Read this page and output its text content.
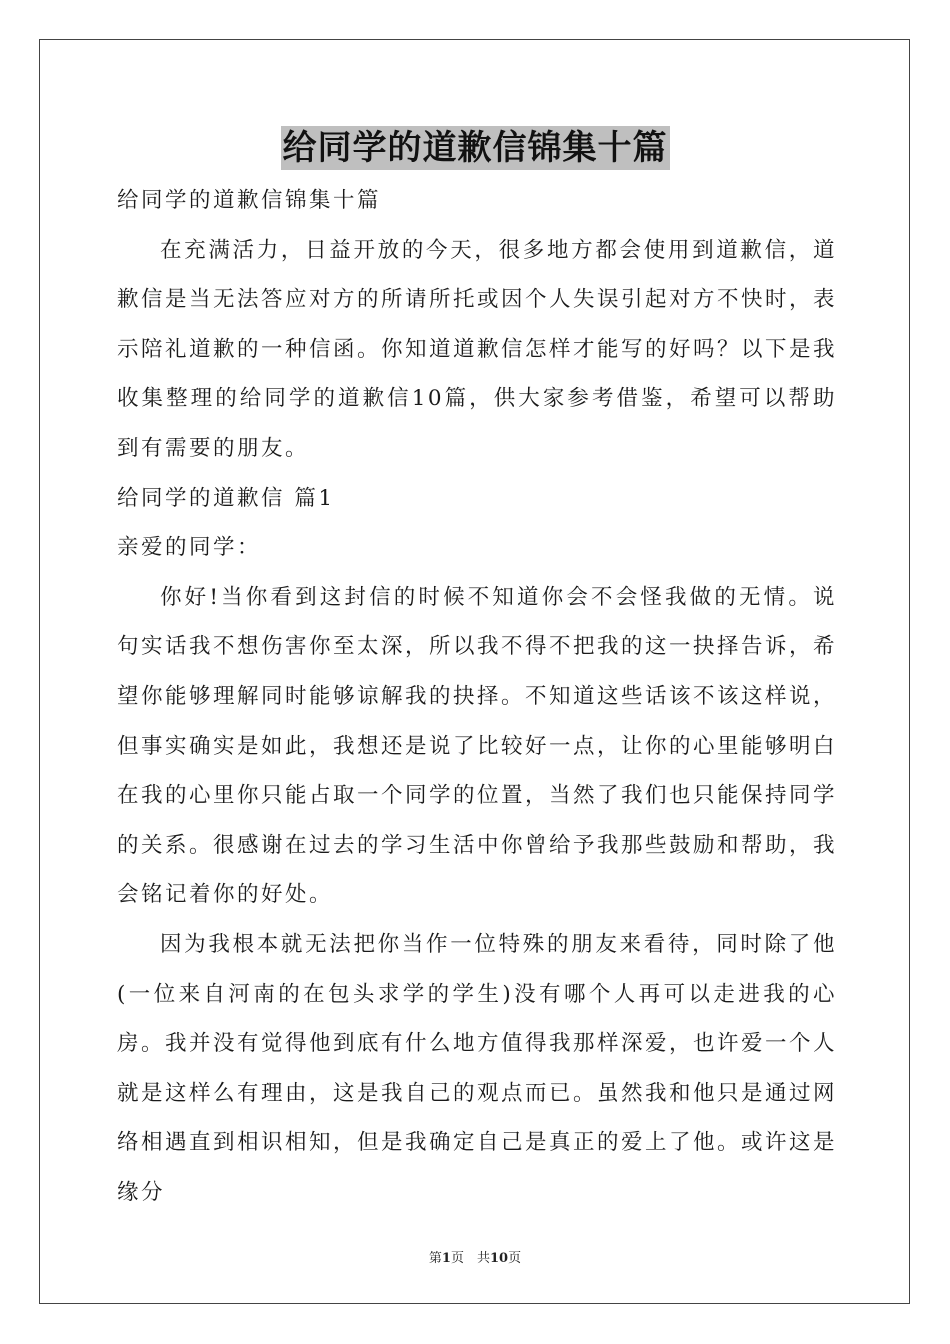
给同学的道歉信锦集十篇

给同学的道歉信锦集十篇

在充满活力，日益开放的今天，很多地方都会使用到道歉信，道歉信是当无法答应对方的所请所托或因个人失误引起对方不快时，表示陪礼道歉的一种信函。你知道道歉信怎样才能写的好吗？以下是我收集整理的给同学的道歉信10篇，供大家参考借鉴，希望可以帮助到有需要的朋友。

给同学的道歉信 篇1

亲爱的同学：

你好!当你看到这封信的时候不知道你会不会怪我做的无情。说句实话我不想伤害你至太深，所以我不得不把我的这一抉择告诉，希望你能够理解同时能够谅解我的抉择。不知道这些话该不该这样说，但事实确实是如此，我想还是说了比较好一点，让你的心里能够明白在我的心里你只能占取一个同学的位置，当然了我们也只能保持同学的关系。很感谢在过去的学习生活中你曾给予我那些鼓励和帮助，我会铭记着你的好处。

因为我根本就无法把你当作一位特殊的朋友来看待，同时除了他(一位来自河南的在包头求学的学生)没有哪个人再可以走进我的心房。我并没有觉得他到底有什么地方值得我那样深爱，也许爱一个人就是这样么有理由，这是我自己的观点而已。虽然我和他只是通过网络相遇直到相识相知，但是我确定自己是真正的爱上了他。或许这是缘分

第1页　共10页
